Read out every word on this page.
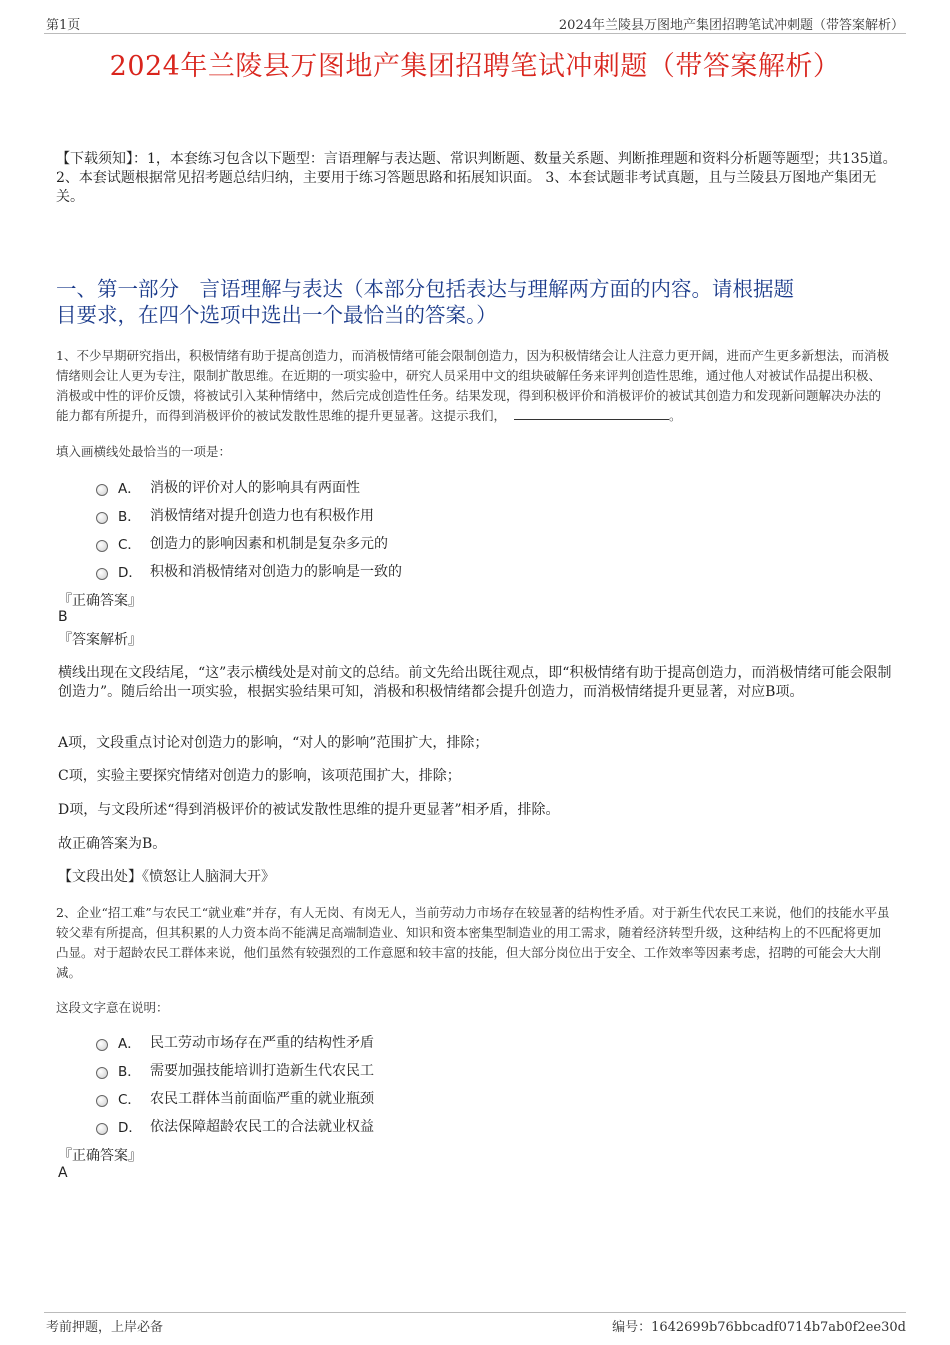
第1页	2024年兰陵县万图地产集团招聘笔试冲刺题（带答案解析）
2024年兰陵县万图地产集团招聘笔试冲刺题（带答案解析）
【下载须知】：1，本套练习包含以下题型：言语理解与表达题、常识判断题、数量关系题、判断推理题和资料分析题等题型；共135道。 2、本套试题根据常见招考题总结归纳，主要用于练习答题思路和拓展知识面。 3、本套试题非考试真题，且与兰陵县万图地产集团无关。
一、第一部分　言语理解与表达（本部分包括表达与理解两方面的内容。请根据题
目要求，在四个选项中选出一个最恰当的答案。）
1、不少早期研究指出，积极情绪有助于提高创造力，而消极情绪可能会限制创造力，因为积极情绪会让人注意力更开阔，进而产生更多新想法，而消极情绪则会让人更为专注，限制扩散思维。在近期的一项实验中，研究人员采用中文的组块破解任务来评判创造性思维，通过他人对被试作品提出积极、消极或中性的评价反馈，将被试引入某种情绪中，然后完成创造性任务。结果发现，得到积极评价和消极评价的被试其创造力和发现新问题解决办法的能力都有所提升，而得到消极评价的被试发散性思维的提升更显著。这提示我们，	。
填入画横线处最恰当的一项是：
A． 消极的评价对人的影响具有两面性
B． 消极情绪对提升创造力也有积极作用
C． 创造力的影响因素和机制是复杂多元的
D． 积极和消极情绪对创造力的影响是一致的
『正确答案』
B
『答案解析』
横线出现在文段结尾，“这”表示横线处是对前文的总结。前文先给出既往观点，即“积极情绪有助于提高创造力，而消极情绪可能会限制创造力”。随后给出一项实验，根据实验结果可知，消极和积极情绪都会提升创造力，而消极情绪提升更显著，对应B项。
A项，文段重点讨论对创造力的影响，“对人的影响”范围扩大，排除；
C项，实验主要探究情绪对创造力的影响，该项范围扩大，排除；
D项，与文段所述“得到消极评价的被试发散性思维的提升更显著”相矛盾，排除。
故正确答案为B。
【文段出处】《愤怒让人脑洞大开》
2、企业“招工难”与农民工“就业难”并存，有人无岗、有岗无人，当前劳动力市场存在较显著的结构性矛盾。对于新生代农民工来说，他们的技能水平虽较父辈有所提高，但其积累的人力资本尚不能满足高端制造业、知识和资本密集型制造业的用工需求，随着经济转型升级，这种结构上的不匹配将更加凸显。对于超龄农民工群体来说，他们虽然有较强烈的工作意愿和较丰富的技能，但大部分岗位出于安全、工作效率等因素考虑，招聘的可能会大大削减。
这段文字意在说明：
A． 民工劳动市场存在严重的结构性矛盾
B． 需要加强技能培训打造新生代农民工
C． 农民工群体当前面临严重的就业瓶颈
D． 依法保障超龄农民工的合法就业权益
『正确答案』
A
考前押题，上岸必备	编号：1642699b76bbcadf0714b7ab0f2ee30d
